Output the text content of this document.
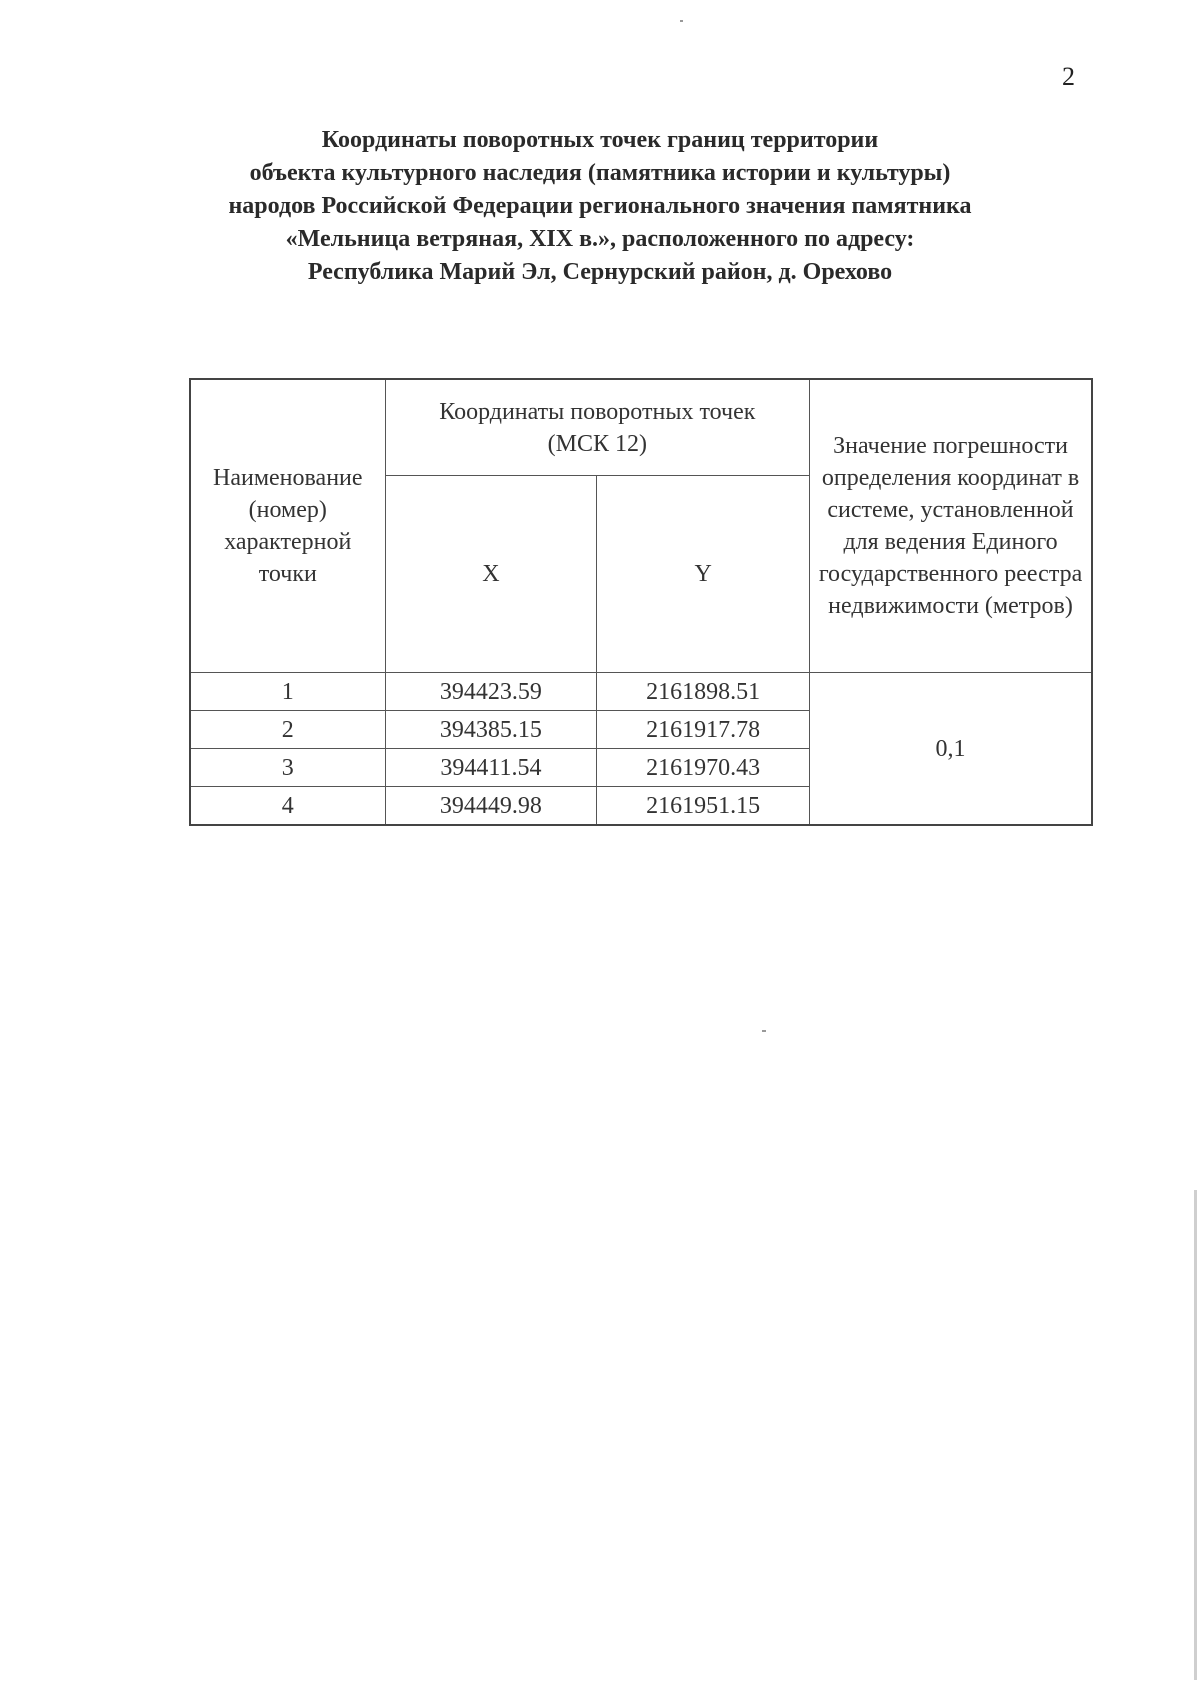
2
Координаты поворотных точек границ территории
объекта культурного наследия (памятника истории и культуры)
народов Российской Федерации регионального значения памятника
«Мельница ветряная, XIX в.», расположенного по адресу:
Республика Марий Эл, Сернурский район, д. Орехово
Наименование (номер) характерной точки	Координаты поворотных точек (МСК 12)		Значение погрешности определения координат в системе, установленной для ведения Единого государственного реестра недвижимости (метров)

	X	Y	
1	394423.59	2161898.51	0,1
2	394385.15	2161917.78	
3	394411.54	2161970.43	
4	394449.98	2161951.15	
